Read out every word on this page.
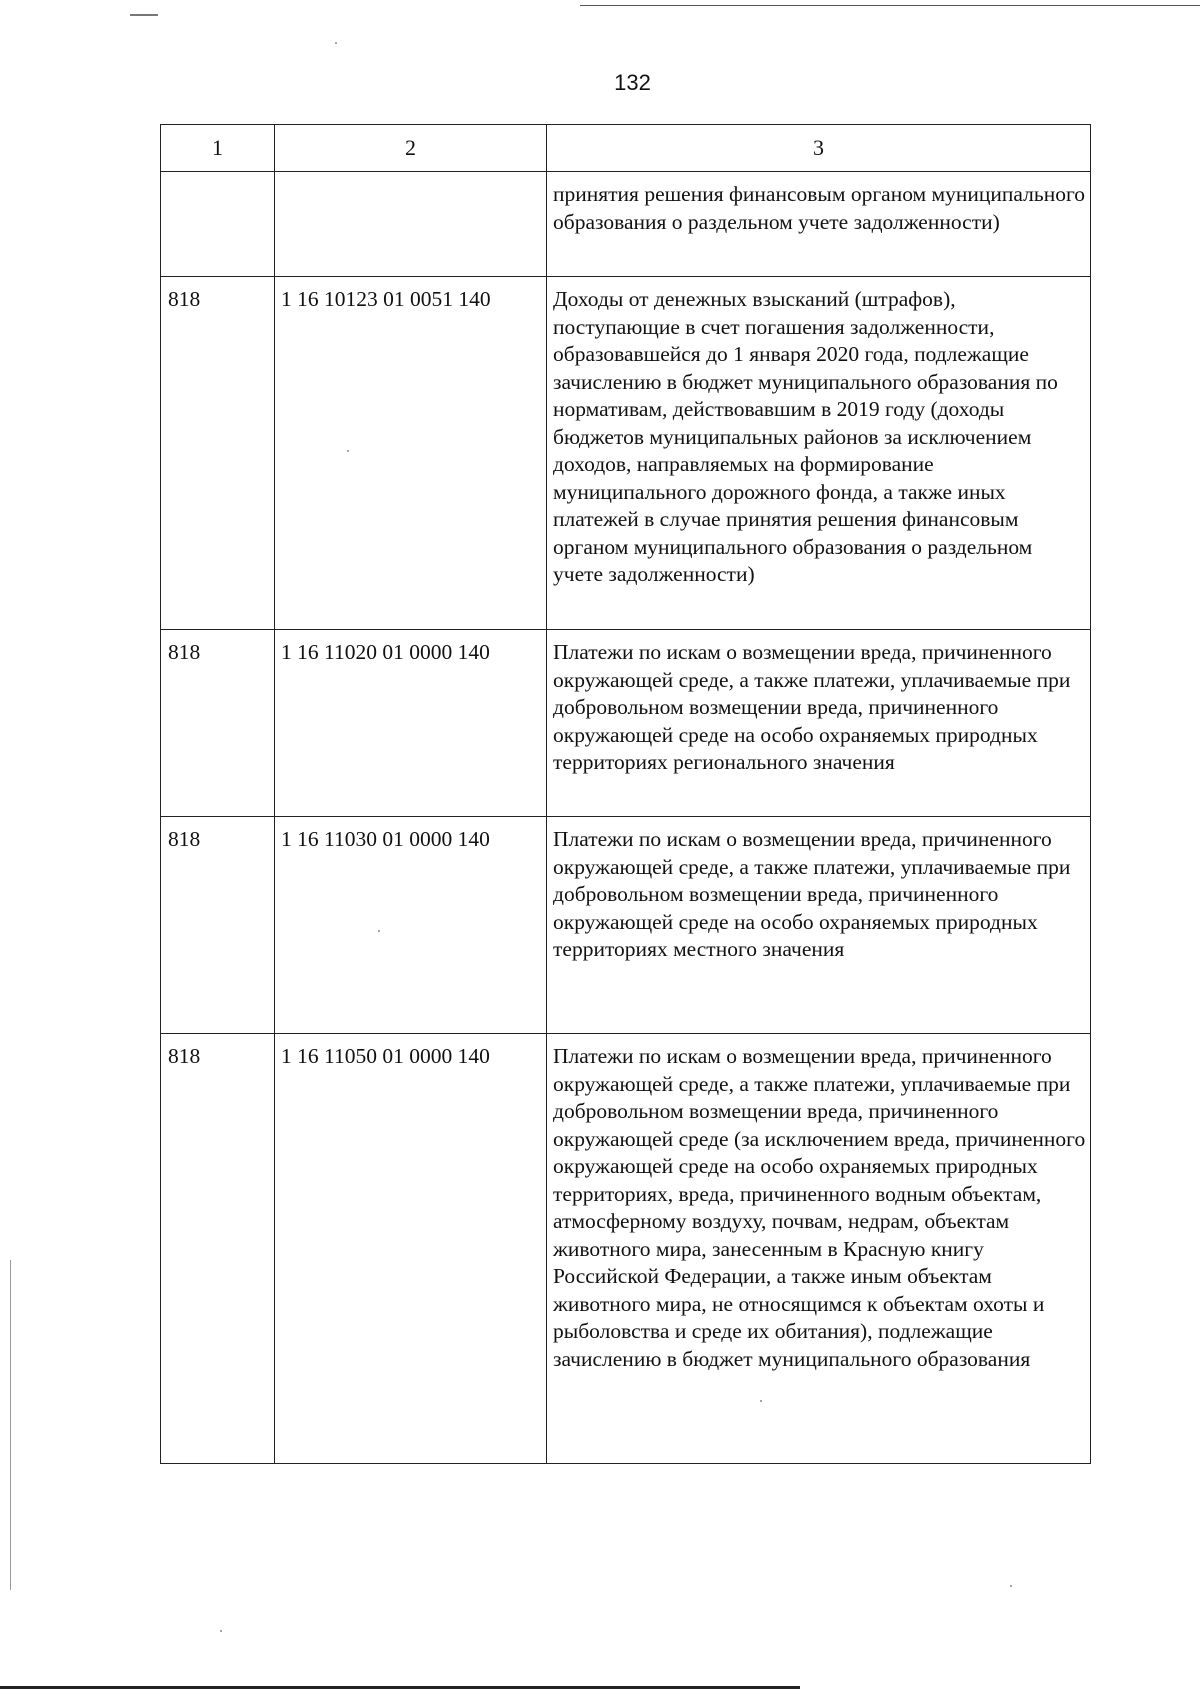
132
1	2	3
		принятия решения финансовым органом муниципального образования о раздельном учете задолженности)
818	1 16 10123 01 0051 140	Доходы от денежных взысканий (штрафов), поступающие в счет погашения задолженности, образовавшейся до 1 января 2020 года, подлежащие зачислению в бюджет муниципального образования по нормативам, действовавшим в 2019 году (доходы бюджетов муниципальных районов за исключением доходов, направляемых на формирование муниципального дорожного фонда, а также иных платежей в случае принятия решения финансовым органом муниципального образования о раздельном учете задолженности)
818	1 16 11020 01 0000 140	Платежи по искам о возмещении вреда, причиненного окружающей среде, а также платежи, уплачиваемые при добровольном возмещении вреда, причиненного окружающей среде на особо охраняемых природных территориях регионального значения
818	1 16 11030 01 0000 140	Платежи по искам о возмещении вреда, причиненного окружающей среде, а также платежи, уплачиваемые при добровольном возмещении вреда, причиненного окружающей среде на особо охраняемых природных территориях местного значения
818	1 16 11050 01 0000 140	Платежи по искам о возмещении вреда, причиненного окружающей среде, а также платежи, уплачиваемые при добровольном возмещении вреда, причиненного окружающей среде (за исключением вреда, причиненного окружающей среде на особо охраняемых природных территориях, вреда, причиненного водным объектам, атмосферному воздуху, почвам, недрам, объектам животного мира, занесенным в Красную книгу Российской Федерации, а также иным объектам животного мира, не относящимся к объектам охоты и рыболовства и среде их обитания), подлежащие зачислению в бюджет муниципального образования
